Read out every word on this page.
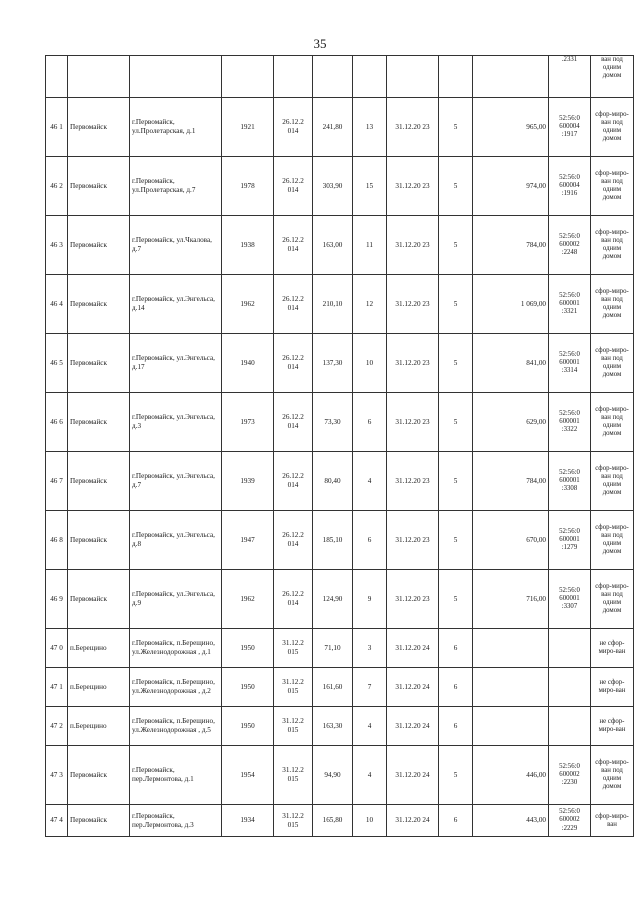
35
										.2331	ван под одним домом
46 1	Первомайск	г.Первомайск, ул.Пролетарская, д.1	1921	26.12.2 014	241,80	13	31.12.20 23	5	965,00	52:56:0 600004 :1917	сфор-миро-ван под одним домом
46 2	Первомайск	г.Первомайск, ул.Пролетарская, д.7	1978	26.12.2 014	303,90	15	31.12.20 23	5	974,00	52:56:0 600004 :1916	сфор-миро-ван под одним домом
46 3	Первомайск	г.Первомайск, ул.Чкалова, д.7	1938	26.12.2 014	163,00	11	31.12.20 23	5	784,00	52:56:0 600002 :2248	сфор-миро-ван под одним домом
46 4	Первомайск	г.Первомайск, ул.Энгельса, д.14	1962	26.12.2 014	210,10	12	31.12.20 23	5	1 069,00	52:56:0 600001 :3321	сфор-миро-ван под одним домом
46 5	Первомайск	г.Первомайск, ул.Энгельса, д.17	1940	26.12.2 014	137,30	10	31.12.20 23	5	841,00	52:56:0 600001 :3314	сфор-миро-ван под одним домом
46 6	Первомайск	г.Первомайск, ул.Энгельса, д.3	1973	26.12.2 014	73,30	6	31.12.20 23	5	629,00	52:56:0 600001 :3322	сфор-миро-ван под одним домом
46 7	Первомайск	г.Первомайск, ул.Энгельса, д.7	1939	26.12.2 014	80,40	4	31.12.20 23	5	784,00	52:56:0 600001 :3308	сфор-миро-ван под одним домом
46 8	Первомайск	г.Первомайск, ул.Энгельса, д.8	1947	26.12.2 014	185,10	6	31.12.20 23	5	670,00	52:56:0 600001 :1279	сфор-миро-ван под одним домом
46 9	Первомайск	г.Первомайск, ул.Энгельса, д.9	1962	26.12.2 014	124,90	9	31.12.20 23	5	716,00	52:56:0 600001 :3307	сфор-миро-ван под одним домом
47 0	п.Берещино	г.Первомайск, п.Берещино, ул.Железнодорожная , д.1	1950	31.12.2 015	71,10	3	31.12.20 24	6			не сфор-миро-ван
47 1	п.Берещино	г.Первомайск, п.Берещино, ул.Железнодорожная , д.2	1950	31.12.2 015	161,60	7	31.12.20 24	6			не сфор-миро-ван
47 2	п.Берещино	г.Первомайск, п.Берещино, ул.Железнодорожная , д.5	1950	31.12.2 015	163,30	4	31.12.20 24	6			не сфор-миро-ван
47 3	Первомайск	г.Первомайск, пер.Лермонтова, д.1	1954	31.12.2 015	94,90	4	31.12.20 24	5	446,00	52:56:0 600002 :2230	сфор-миро-ван под одним домом
47 4	Первомайск	г.Первомайск, пер.Лермонтова, д.3	1934	31.12.2 015	165,80	10	31.12.20 24	6	443,00	52:56:0 600002 :2229	сфор-миро-ван
